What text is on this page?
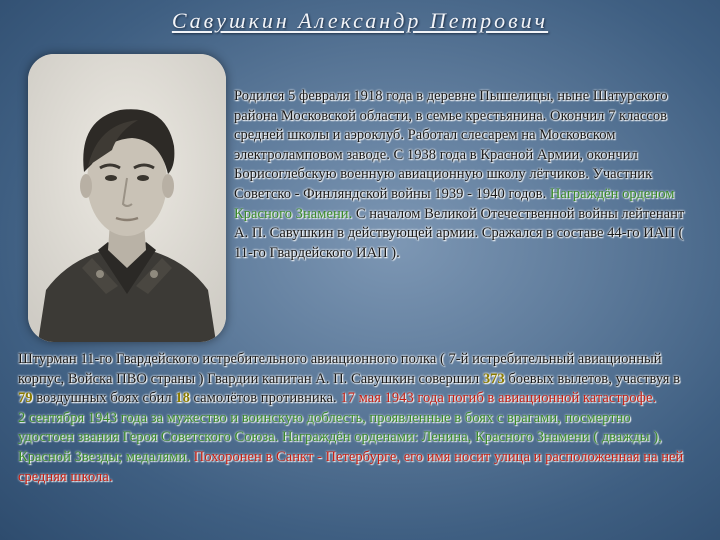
Савушкин Александр Петрович
Родился 5 февраля 1918 года в деревне Пышелицы, ныне Шатурского района Московской области, в семье крестьянина. Окончил 7 классов средней школы и аэроклуб. Работал слесарем на Московском электроламповом заводе. С 1938 года в Красной Армии, окончил Борисоглебскую военную авиационную школу лётчиков. Участник Советско - Финляндской войны 1939 - 1940 годов. Награждён орденом Красного Знамени. С началом Великой Отечественной войны лейтенант А. П. Савушкин в действующей армии. Сражался в составе 44-го ИАП ( 11-го Гвардейского ИАП ).
Штурман 11-го Гвардейского истребительного авиационного полка ( 7-й истребительный авиационный корпус, Войска ПВО страны ) Гвардии капитан А. П. Савушкин совершил 373 боевых вылетов, участвуя в 79 воздушных боях сбил 18 самолётов противника. 17 мая 1943 года погиб в авиационной катастрофе.
2 сентября 1943 года за мужество и воинскую доблесть, проявленные в боях с врагами, посмертно удостоен звания Героя Советского Союза. Награждён орденами: Ленина, Красного Знамени ( дважды ), Красной Звезды; медалями. Похоронен в Санкт - Петербурге, его имя носит улица и расположенная на ней средняя школа.
